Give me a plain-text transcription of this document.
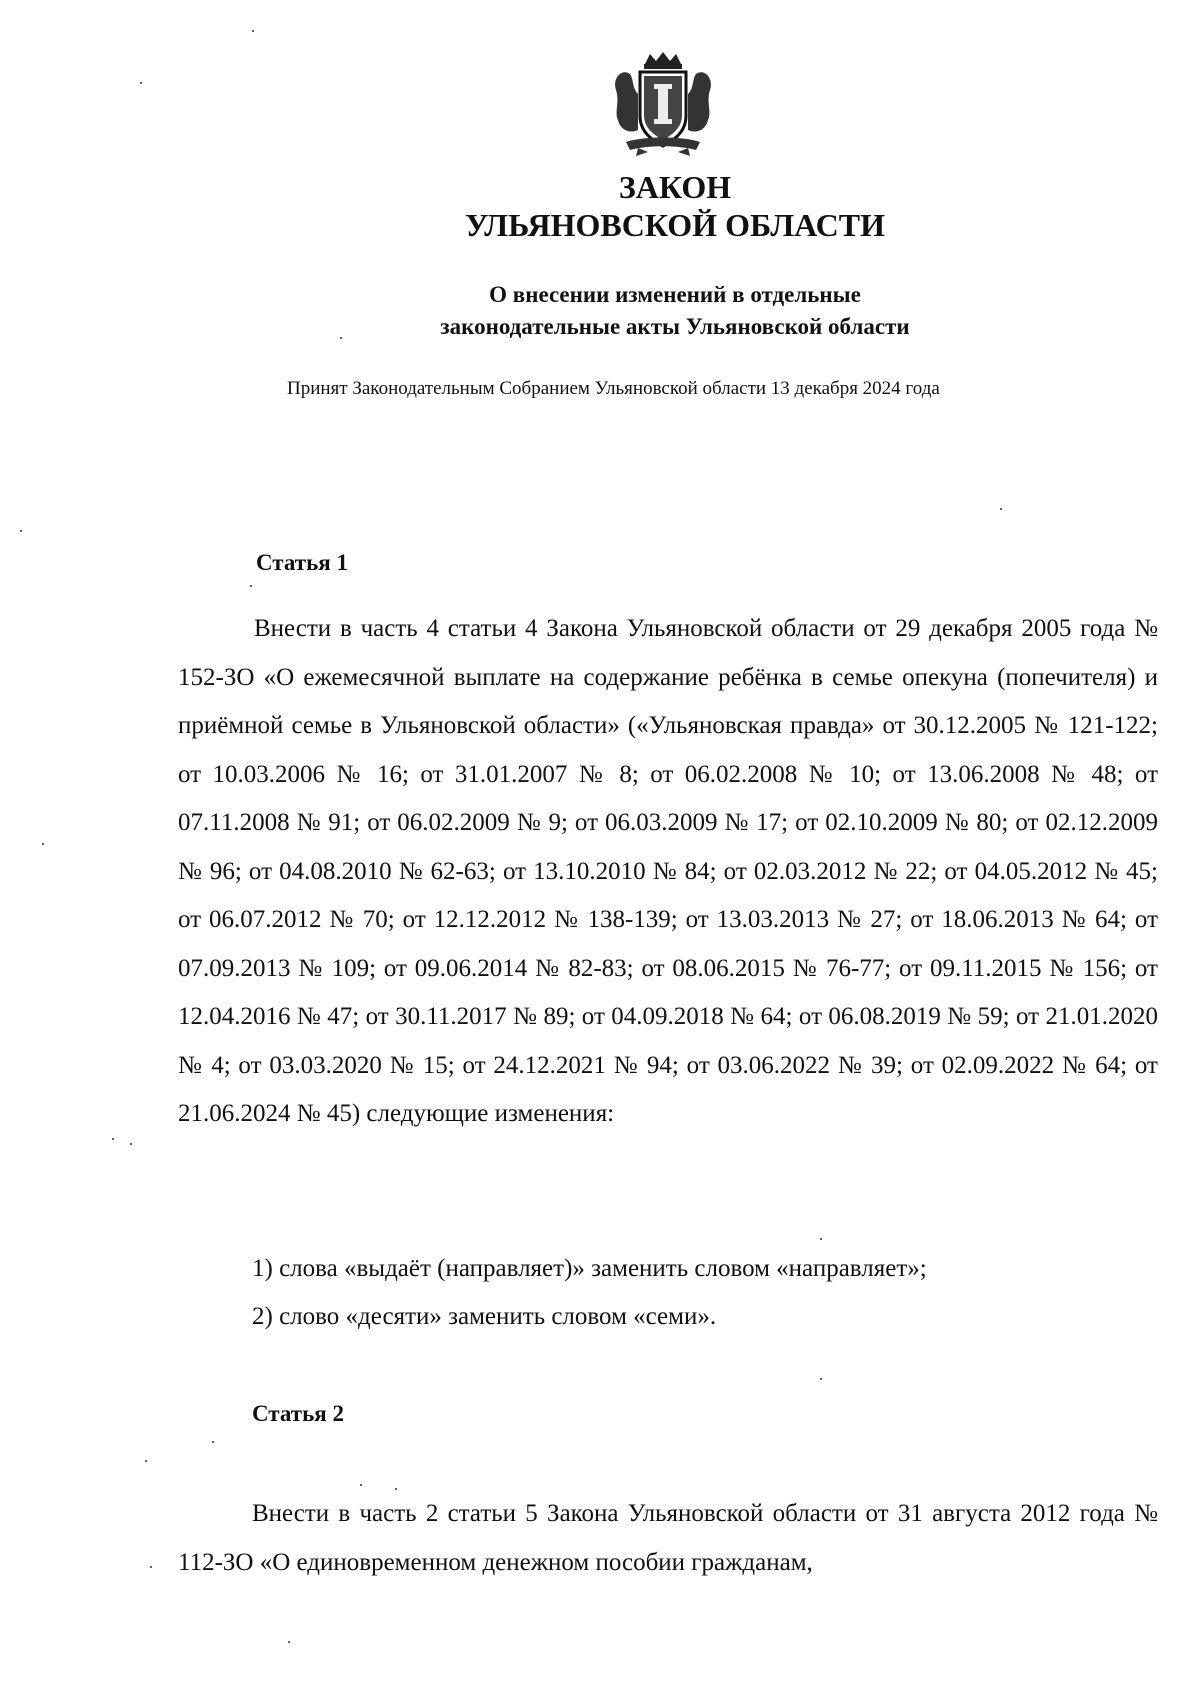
ЗАКОН
УЛЬЯНОВСКОЙ ОБЛАСТИ
О внесении изменений в отдельные
законодательные акты Ульяновской области
Принят Законодательным Собранием Ульяновской области 13 декабря 2024 года
Статья 1
Внести в часть 4 статьи 4 Закона Ульяновской области от 29 декабря 2005 года № 152-ЗО «О ежемесячной выплате на содержание ребёнка в семье опекуна (попечителя) и приёмной семье в Ульяновской области» («Ульяновская правда» от 30.12.2005 № 121-122; от 10.03.2006 № 16; от 31.01.2007 № 8; от 06.02.2008 № 10; от 13.06.2008 № 48; от 07.11.2008 № 91; от 06.02.2009 № 9; от 06.03.2009 № 17; от 02.10.2009 № 80; от 02.12.2009 № 96; от 04.08.2010 № 62-63; от 13.10.2010 № 84; от 02.03.2012 № 22; от 04.05.2012 № 45; от 06.07.2012 № 70; от 12.12.2012 № 138-139; от 13.03.2013 № 27; от 18.06.2013 № 64; от 07.09.2013 № 109; от 09.06.2014 № 82-83; от 08.06.2015 № 76-77; от 09.11.2015 № 156; от 12.04.2016 № 47; от 30.11.2017 № 89; от 04.09.2018 № 64; от 06.08.2019 № 59; от 21.01.2020 № 4; от 03.03.2020 № 15; от 24.12.2021 № 94; от 03.06.2022 № 39; от 02.09.2022 № 64; от 21.06.2024 № 45) следующие изменения:
1) слова «выдаёт (направляет)» заменить словом «направляет»;
2) слово «десяти» заменить словом «семи».
Статья 2
Внести в часть 2 статьи 5 Закона Ульяновской области от 31 августа 2012 года № 112-ЗО «О единовременном денежном пособии гражданам,
